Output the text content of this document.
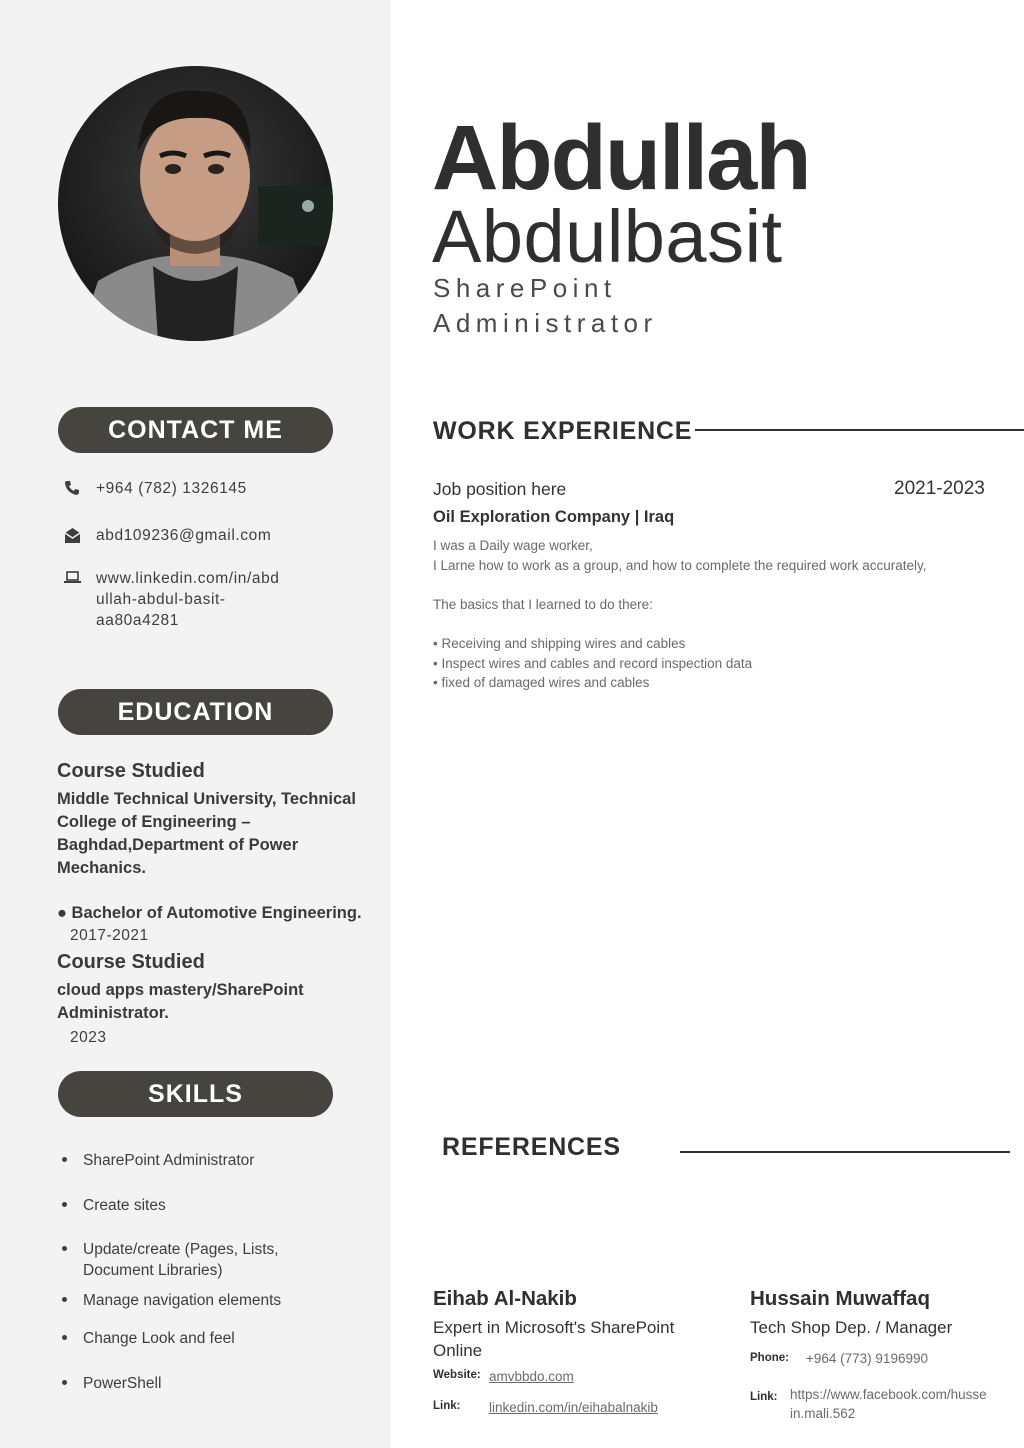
CONTACT ME
+964 (782) 1326145
abd109236@gmail.com
www.linkedin.com/in/abd
ullah-abdul-basit-
aa80a4281
EDUCATION
Course Studied
Middle Technical University, Technical
College of Engineering –
Baghdad,Department of Power
Mechanics.
● Bachelor of Automotive Engineering.
2017-2021
Course Studied
cloud apps mastery/SharePoint
Administrator.
2023
SKILLS
SharePoint Administrator
Create sites
Update/create (Pages, Lists,
Document Libraries)
Manage navigation elements
Change Look and feel
PowerShell
Abdullah
Abdulbasit
SharePoint
Administrator
WORK EXPERIENCE
Job position here	2021-2023
Oil Exploration Company | Iraq
I was a Daily wage worker,
I Larne how to work as a group, and how to complete the required work accurately,
The basics that I learned to do there:
• Receiving and shipping wires and cables
• Inspect wires and cables and record inspection data
• fixed of damaged wires and cables
REFERENCES
Eihab Al-Nakib
Expert in Microsoft's SharePoint
Online
Website: amvbbdo.com
Link: linkedin.com/in/eihabalnakib
Hussain Muwaffaq
Tech Shop Dep. / Manager
Phone: +964 (773) 9196990
Link: https://www.facebook.com/husse
in.mali.562
